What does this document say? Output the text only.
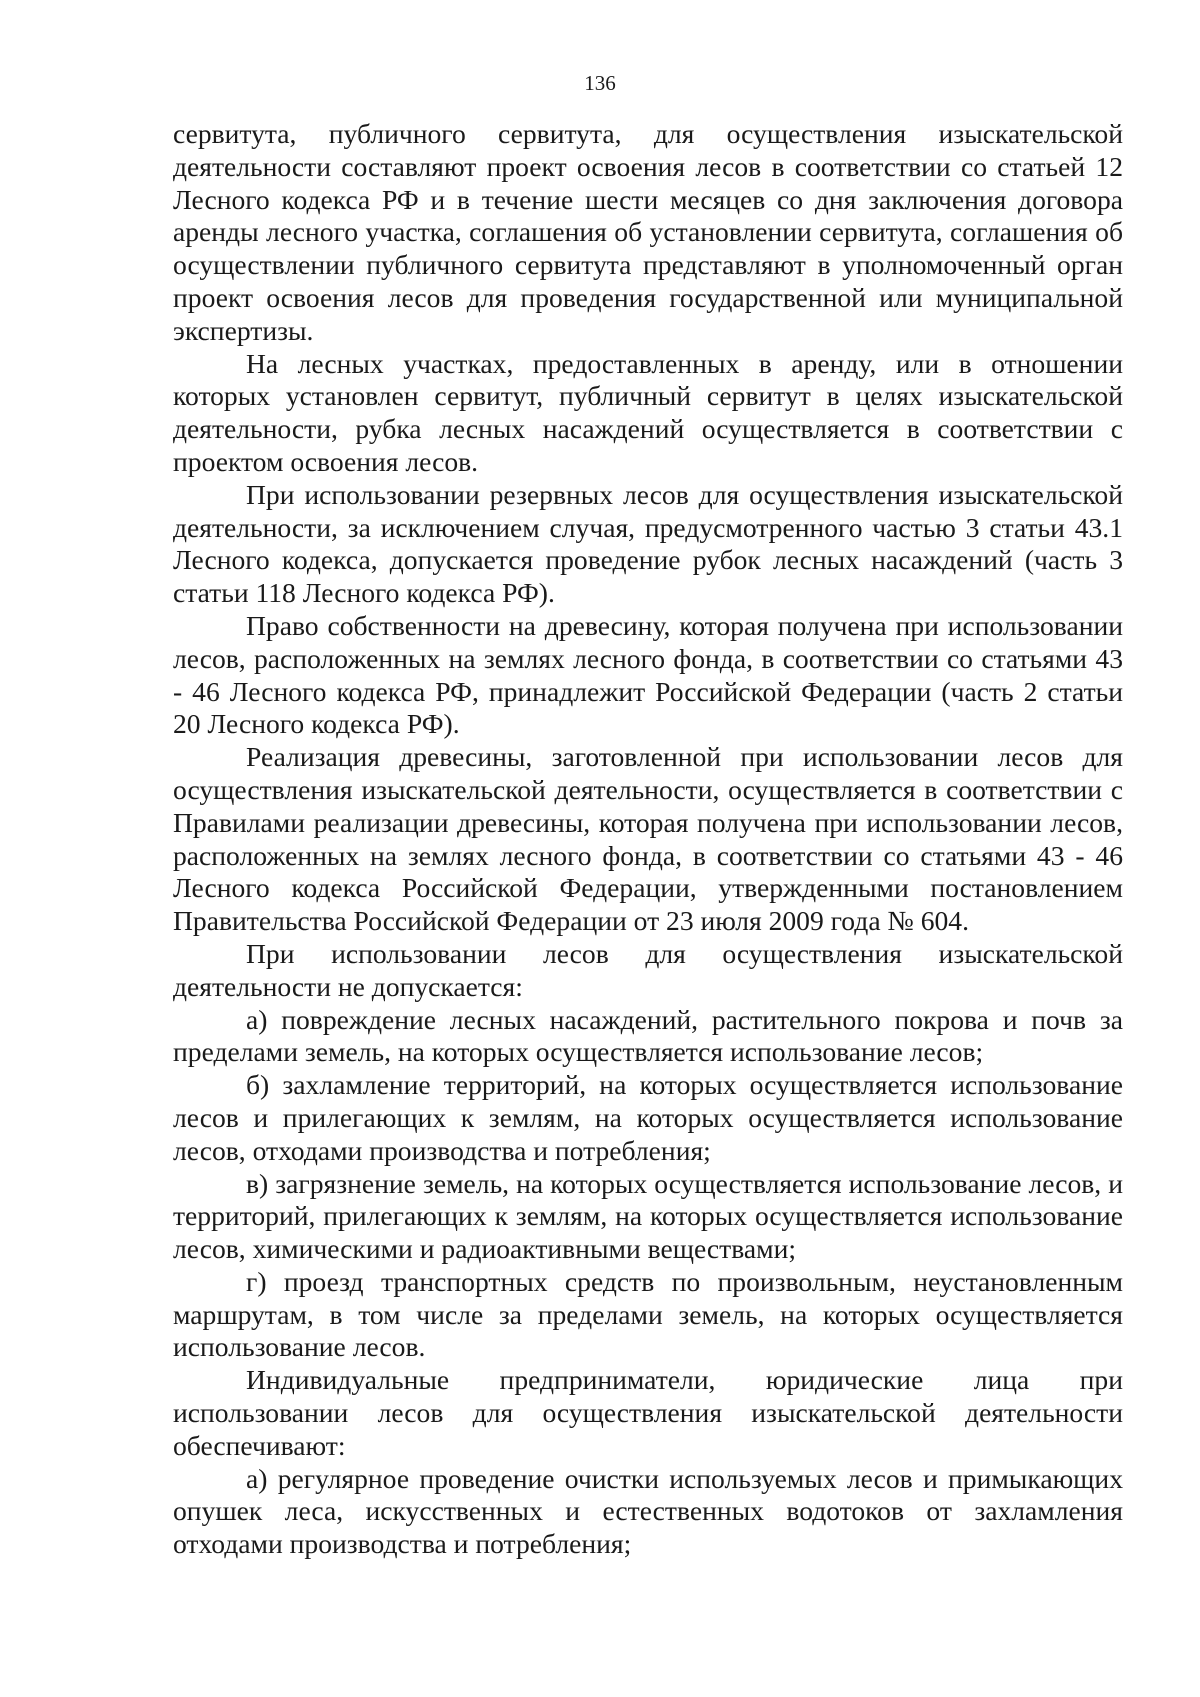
136

сервитута, публичного сервитута, для осуществления изыскательской деятельности составляют проект освоения лесов в соответствии со статьей 12 Лесного кодекса РФ и в течение шести месяцев со дня заключения договора аренды лесного участка, соглашения об установлении сервитута, соглашения об осуществлении публичного сервитута представляют в уполномоченный орган проект освоения лесов для проведения государственной или муниципальной экспертизы.

На лесных участках, предоставленных в аренду, или в отношении которых установлен сервитут, публичный сервитут в целях изыскательской деятельности, рубка лесных насаждений осуществляется в соответствии с проектом освоения лесов.

При использовании резервных лесов для осуществления изыскательской деятельности, за исключением случая, предусмотренного частью 3 статьи 43.1 Лесного кодекса, допускается проведение рубок лесных насаждений (часть 3 статьи 118 Лесного кодекса РФ).

Право собственности на древесину, которая получена при использовании лесов, расположенных на землях лесного фонда, в соответствии со статьями 43 - 46 Лесного кодекса РФ, принадлежит Российской Федерации (часть 2 статьи 20 Лесного кодекса РФ).

Реализация древесины, заготовленной при использовании лесов для осуществления изыскательской деятельности, осуществляется в соответствии с Правилами реализации древесины, которая получена при использовании лесов, расположенных на землях лесного фонда, в соответствии со статьями 43 - 46 Лесного кодекса Российской Федерации, утвержденными постановлением Правительства Российской Федерации от 23 июля 2009 года № 604.

При использовании лесов для осуществления изыскательской деятельности не допускается:

а) повреждение лесных насаждений, растительного покрова и почв за пределами земель, на которых осуществляется использование лесов;

б) захламление территорий, на которых осуществляется использование лесов и прилегающих к землям, на которых осуществляется использование лесов, отходами производства и потребления;

в) загрязнение земель, на которых осуществляется использование лесов, и территорий, прилегающих к землям, на которых осуществляется использование лесов, химическими и радиоактивными веществами;

г) проезд транспортных средств по произвольным, неустановленным маршрутам, в том числе за пределами земель, на которых осуществляется использование лесов.

Индивидуальные предприниматели, юридические лица при использовании лесов для осуществления изыскательской деятельности обеспечивают:

а) регулярное проведение очистки используемых лесов и примыкающих опушек леса, искусственных и естественных водотоков от захламления отходами производства и потребления;
